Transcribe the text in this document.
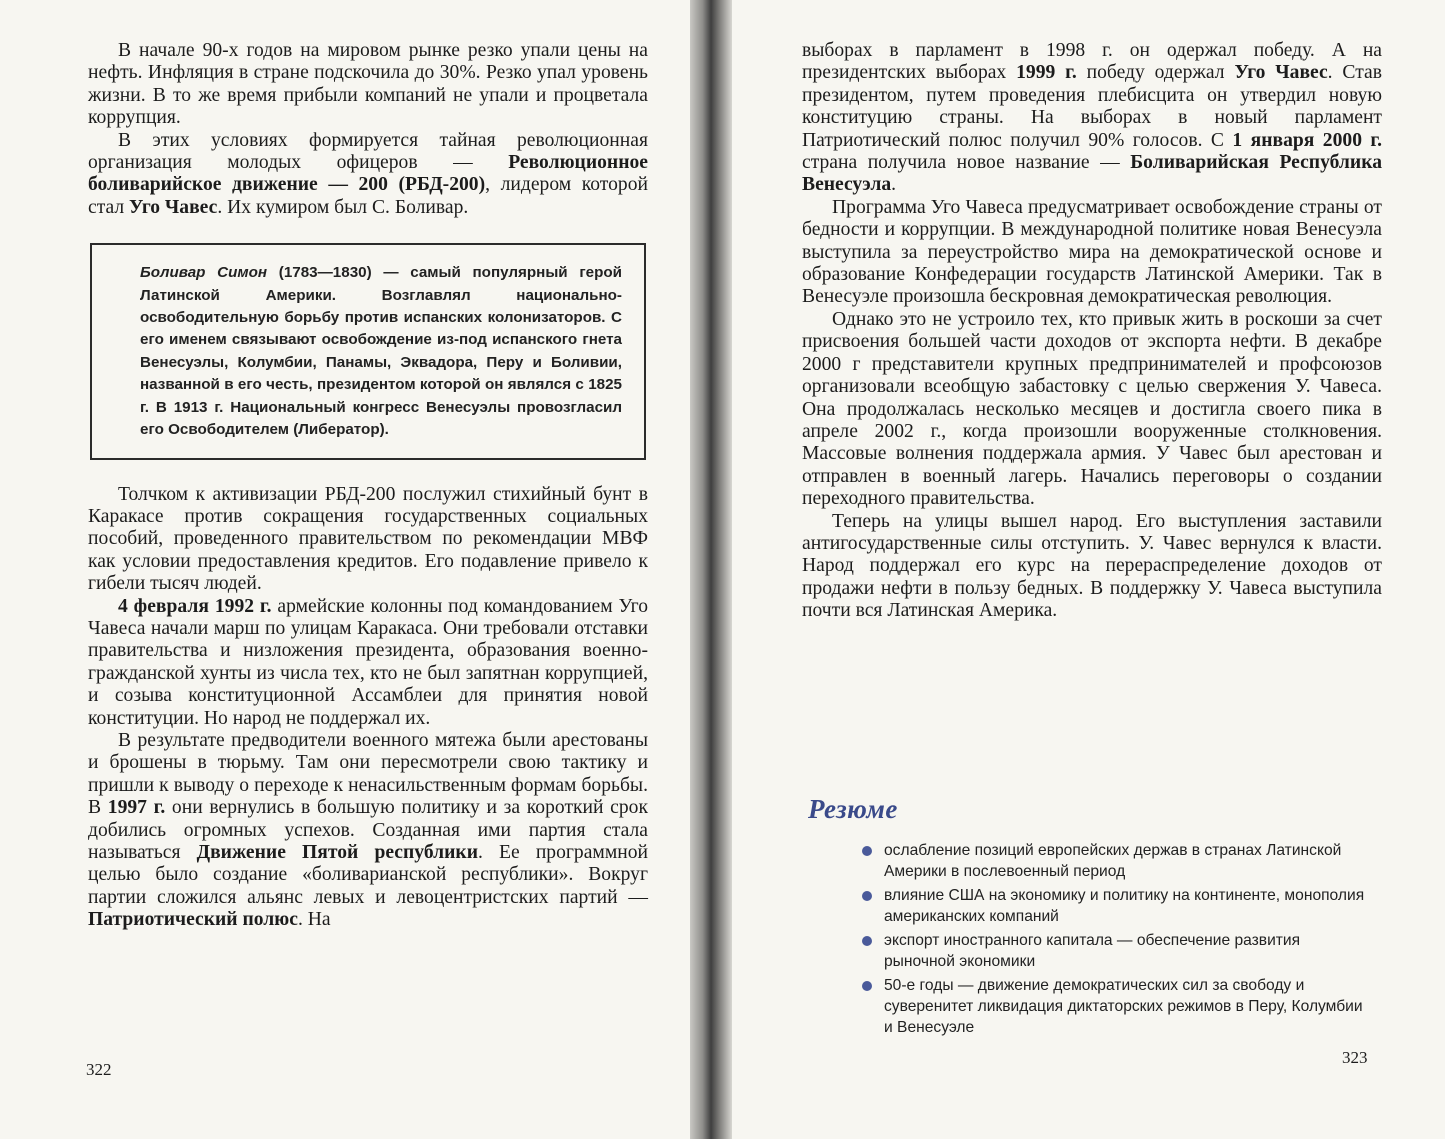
В начале 90-х годов на мировом рынке резко упали цены на нефть. Инфляция в стране подскочила до 30%. Резко упал уровень жизни. В то же время прибыли компаний не упали и процветала коррупция.

В этих условиях формируется тайная революционная организация молодых офицеров — Революционное боливарийское движение — 200 (РБД-200), лидером которой стал Уго Чавес. Их кумиром был С. Боливар.

Боливар Симон (1783—1830) — самый популярный герой Латинской Америки. Возглавлял национально-освободительную борьбу против испанских колонизаторов. С его именем связывают освобождение из-под испанского гнета Венесуэлы, Колумбии, Панамы, Эквадора, Перу и Боливии, названной в его честь, президентом которой он являлся с 1825 г. В 1913 г. Национальный конгресс Венесуэлы провозгласил его Освободителем (Либератор).

Толчком к активизации РБД-200 послужил стихийный бунт в Каракасе против сокращения государственных социальных пособий, проведенного правительством по рекомендации МВФ как условии предоставления кредитов. Его подавление привело к гибели тысяч людей.

4 февраля 1992 г. армейские колонны под командованием Уго Чавеса начали марш по улицам Каракаса. Они требовали отставки правительства и низложения президента, образования военно-гражданской хунты из числа тех, кто не был запятнан коррупцией, и созыва конституционной Ассамблеи для принятия новой конституции. Но народ не поддержал их.

В результате предводители военного мятежа были арестованы и брошены в тюрьму. Там они пересмотрели свою тактику и пришли к выводу о переходе к ненасильственным формам борьбы. В 1997 г. они вернулись в большую политику и за короткий срок добились огромных успехов. Созданная ими партия стала называться Движение Пятой республики. Ее программной целью было создание «боливарианской республики». Вокруг партии сложился альянс левых и левоцентристских партий — Патриотический полюс. На

322

выборах в парламент в 1998 г. он одержал победу. А на президентских выборах 1999 г. победу одержал Уго Чавес. Став президентом, путем проведения плебисцита он утвердил новую конституцию страны. На выборах в новый парламент Патриотический полюс получил 90% голосов. С 1 января 2000 г. страна получила новое название — Боливарийская Республика Венесуэла.

Программа Уго Чавеса предусматривает освобождение страны от бедности и коррупции. В международной политике новая Венесуэла выступила за переустройство мира на демократической основе и образование Конфедерации государств Латинской Америки. Так в Венесуэле произошла бескровная демократическая революция.

Однако это не устроило тех, кто привык жить в роскоши за счет присвоения большей части доходов от экспорта нефти. В декабре 2000 г представители крупных предпринимателей и профсоюзов организовали всеобщую забастовку с целью свержения У. Чавеса. Она продолжалась несколько месяцев и достигла своего пика в апреле 2002 г., когда произошли вооруженные столкновения. Массовые волнения поддержала армия. У Чавес был арестован и отправлен в военный лагерь. Начались переговоры о создании переходного правительства.

Теперь на улицы вышел народ. Его выступления заставили антигосударственные силы отступить. У. Чавес вернулся к власти. Народ поддержал его курс на перераспределение доходов от продажи нефти в пользу бедных. В поддержку У. Чавеса выступила почти вся Латинская Америка.

Резюме
ослабление позиций европейских держав в странах Латинской Америки в послевоенный период
влияние США на экономику и политику на континенте, монополия американских компаний
экспорт иностранного капитала — обеспечение развития рыночной экономики
50-е годы — движение демократических сил за свободу и суверенитет ликвидация диктаторских режимов в Перу, Колумбии и Венесуэле
323
